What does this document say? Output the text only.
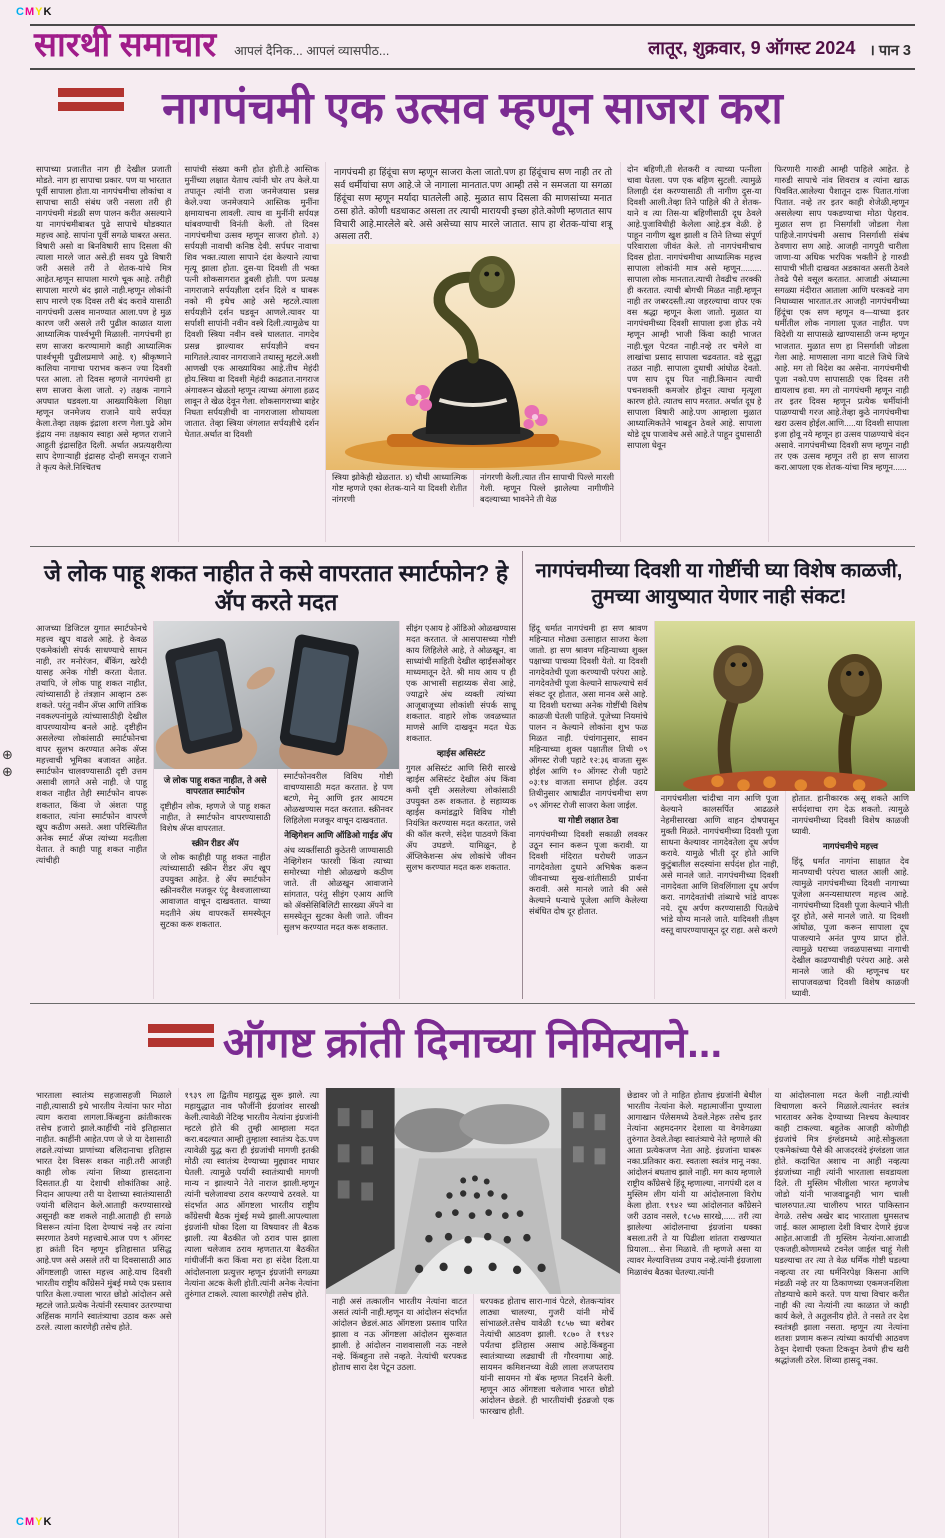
CMYK
⊕
⊕
सारथी समाचार आपलं दैनिक... आपलं व्यासपीठ...	लातूर, शुक्रवार, 9 ऑगस्ट 2024 । पान 3
नागपंचमी एक उत्सव म्हणून साजरा करा
सापाच्या प्रजातीत नाग ही देखील प्रजाती मोडते. नाग हा सापाचा प्रकार. पण या भारतात पूर्वी सापाला होता.या नागपंचमीचा लोकांचा व सापाचा साठी संबंध जरी नसला तरी ही नागपंचमी मंडळी सण पालन करीत असल्याने या नागपंचमीबाबत पुढे सापाचे थोडक्यात महत्त्व आहे. सापांना पूर्वी सगळे घाबरत असत. विषारी असो वा बिनविषारी साप दिसला की त्याला मारले जात असे.ही सवय पुढे विषारी जरी असले तरी ते शेतक-यांचे मित्र आहेत.म्हणून सापाला मारणे चूक आहे. तरीही सापाला मारणे बंद झाले नाही.म्हणून लोकांनी साप मारणे एक दिवस तरी बंद करावे यासाठी नागपंचमी उत्सव मानण्यात आला.पण हे मुळ कारण जरी असले तरी पुढील काळात याला आध्यात्मिक पार्श्वभूमी मिळाली. नागपंचमी हा सण साजरा करण्यामागे काही आध्यात्मिक पार्श्वभूमी पुढीलप्रमाणे आहे. १) श्रीकृष्णाने कालिया नागाचा पराभव करून ज्या दिवशी परत आला. तो दिवस म्हणजे नागपंचमी हा सण साजरा केला जातो. २) तक्षक नागाने अपघात घडवला.या आख्यायिकेला शिक्षा म्हणून जनमेजय राजाने याये सर्पयज्ञ केला.तेव्हा तक्षक इंद्राला शरण गेला.पुढे ओम इंद्राय नमः तक्षकाय स्वाहा असे म्हणत राजाने आहुती इंद्रासहित दिली. अर्थात अप्रत्यक्षरीत्या साप देणाऱ्याही इंद्रासह दोन्ही समजून राजाने ते कृत्य केले.निश्चितच
सापांची संख्या कमी होत होती.हे आस्तिक मुनींच्या लक्षात येताच त्यांनी घोर तप केले.या तपातून त्यांनी राजा जनमेजयास प्रसन्न केले.ज्या जनमेजयाने आस्तिक मुनींना क्षमायाचना लावली. त्याच वा मुनींनी सर्पयज्ञ थांबवण्याची विनंती केली. तो दिवस नागपंचमीचा उत्सव म्हणून साजरा होतो. ३) सर्पयज्ञी नावाची कनिष्ठ देवी. सर्पधर नावाचा शिव भक्त.त्याला सापाने दंश केल्याने त्याचा मृत्यू झाला होता. दुस-या दिवशी ती भक्त पत्नी शोकसागरात डुबली होती. पण प्रत्यक्ष नागराजाने सर्पयज्ञीला दर्शन दिले व घाबरू नको मी इथेच आहे असे म्हटले.त्याला सर्पयज्ञीने दर्शन घडवून आणले.त्यावर या सर्पाशी सापांनी नवीन वस्त्रे दिली.त्यामुळेच या दिवशी स्त्रिया नवीन वस्त्रे घालतात. नागदेव प्रसन्न झाल्यावर सर्पयज्ञीने वचन मागितले.त्यावर नागराजाने तथास्तु म्हटले.अशी आणखी एक आख्यायिका आहे.तीच मेहंदी होय.स्त्रिया वा दिवशी मेहंदी काढतात.नागराज अंगावरून खेळतो म्हणून त्याच्या अंगाला हळद लावून ते खेळ देवून गेला. शोकसागराच्या बाहेर निघता सर्पयज्ञीची वा नागराजाला शोधायला जातात. तेव्हा स्त्रिया जंगलात सर्पयज्ञीचे दर्शन घेतात.अर्थात वा दिवशी
नागपंचमी हा हिंदूंचा सण म्हणून साजरा केला जातो.पण हा हिंदूंचाच सण नाही तर तो सर्व धर्मीयांचा सण आहे.जे जे नागाला मानतात.पण आम्ही तसे न समजता या सगळा हिंदूंचा सण म्हणून मर्यादा घातलेली आहे. मुळात साप दिसला की माणसांच्या मनात ठसा होते. कोणी धडधाकट असला तर त्याची मारायची इच्छा होते.कोणी म्हणतात साप विचारी आहे.मारलेले बरे. असे असेच्या साप मारले जातात. साप हा शेतक-यांचा शत्रू असला तरी.
स्त्रिया झोकेही खेळतात. ४) चौथी आध्यात्मिक गोष्ट म्हणजे एका शेतक-याने या दिवशी शेतीत नांगरणी
नांगरणी केली.त्यात तीन सापाची पिल्ले मारली गेली. म्हणून पिल्ले झालेल्या नागीणीने बदल्याच्या भावनेने ती वेळ
दोन बहिणी,ती शेतकरी व त्याच्या पत्नीला चावा घेतला. पण एक बहिण सुटली. त्यामुळे तिलाही दंश करण्यासाठी ती नागीण दुस-या दिवशी आली.तेव्हा तिने पाहिले की ते शेतक-याने व त्या तिस-या बहिणीसाठी दूध ठेवले आहे.पुजाविधीही केलेला आहे.इत्र वेळी. हे पाहून नागीण खुश झाली व तिने तिच्या संपूर्ण परिवाराला जीवंत केले. तो नागपंचमीचाच दिवस होता. नागपंचमीचा आध्यात्मिक महत्त्व सापाला लोकांनी मात्र असे म्हणून......... सापाला लोक मानतात.त्याची तेवढीच तरक्की ही करतात. त्याची बोगची मिळत नाही.म्हणून नाही तर जबरदस्ती.त्या जहरल्याचा वापर एक वस श्रद्धा म्हणून केला जातो. मुळात या नागपंचमीच्या दिवशी सापाला इजा होऊ नये म्हणून आम्ही भाजी किंवा काही भाजत नाही.चूल पेटवत नाही.नव्हे तर चमेले वा लाखांचा प्रसाद सापाला चढवतात. वडे सुद्धा तळत नाही. सापाला दुधाची आंघोळ देवतो. पण साप दूध पित नाही.किमान त्याची पचनशक्ती कमजोर होवून त्याचा मृत्यूला कारण होते. त्यातच साप मरतात. अर्थात दूध हे सापाला विषारी आहे.पण आम्हाला मुळात आध्यात्मिकतेने भाबडून ठेवले आहे. सापाला थोडे दूध पाजावेच असे आहे.ते पाहून दुधासाठी सापाला धेवून
फिरणारी गारुडी आम्ही पाहिले आहेत. हे गारुडी सापाचे नांव शिवरात्र व त्यांना खाऊ पिववित.आलेल्या पैशातून दारू पितात.गांजा पितात. नव्हे तर इतर काही शेजेळी,म्हणून असलेल्या साप पकडण्याचा मोठा पेहराव. मुळात सण हा निसर्गाशी जोडला गेला पाहिजे.नागपंचमी असाच निसर्गाशी संबंध ठेवणारा सण आहे. आजही नागपुरी चारीला जाणा-या अधिक भरपिक भक्तीने हे गारुडी सापाची भीती दाखवत अडकावत असती ठेवले तेवढे पैसे वसूल करतात. आजाडी अंध्यात्मा सगळ्या मंदीरात आताला आणि घरकवडे नाग निधाव्यास भारतात.तर आजही नागपंचमीच्या हिंदूंचा एक सण म्हणून व—याच्या इतर धर्मीतील लोक नागाला पूजत नाहीत. पण विदेशी या सापासळे खाण्यासाठी जन्म म्हणून भाजतात. मुळात सण हा निसर्गाशी जोडला गेला आहे. माणसाला नागा वाटले जिथे जिथे आहे. मग तो विदेश का असेना. नागपंचमीची पूजा नको.पण सापासाठी एक दिवस तरी द्यायलाच हवा. मग तो नागपंचमी म्हणून नाही तर इतर दिवस म्हणून प्रत्येक धर्मीयांनी पाळण्याची गरज आहे.तेव्हा कुठे नागपंचमीचा खरा उत्सव होईल.आणि.....या दिवशी सापाला इजा होवू नये म्हणून हा उत्सव पाळण्याचे वंदन असावे. नागपंचमीच्या दिवशी सण म्हणून नाही तर एक उत्सव म्हणून तरी हा सण साजरा करा.आपला एक शेतक-यांचा मित्र म्हणून......
जे लोक पाहू शकत नाहीत ते कसे वापरतात स्मार्टफोन? हे ॲप करते मदत
आजच्या डिजिटल युगात स्मार्टफोनचे महत्त्व खूप वाढले आहे. हे केवळ एकमेकांशी संपर्क साधण्याचे साधन नाही, तर मनोरंजन, बँकिंग, खरेदी यासह अनेक गोष्टी करता येतात. तथापि, जे लोक पाहू शकत नाहीत, त्यांच्यासाठी हे तंत्रज्ञान आव्हान ठरू शकते. परंतु नवीन ॲप्स आणि तांत्रिक नवकल्पनांमुळे त्यांच्यासाठीही देखील वापरण्यायोग्य बनले आहे. दृष्टीहीन असलेल्या लोकांसाठी स्मार्टफोनचा वापर सुलभ करण्यात अनेक ॲप्स महत्त्वाची भूमिका बजावत आहेत. स्मार्टफोन चालवण्यासाठी दृष्टी उत्तम असावी लागते असे नाही. जे पाहू शकत नाहीत तेही स्मार्टफोन वापरू शकतात, किंवा जे अंशतः पाहू शकतात, त्यांना स्मार्टफोन वापरणे खूप कठीण असते. अशा परिस्थितीत अनेक स्मार्ट ॲप्स त्यांच्या मदतीला येतात. ते काही पाहू शकत नाहीत त्यांचीही
जे लोक पाहू शकत नाहीत, ते असे वापरतात स्मार्टफोन
दृष्टीहीन लोक, म्हणजे जे पाहू शकत नाहीत, ते स्मार्टफोन वापरण्यासाठी विशेष ॲप्स वापरतात.
स्क्रीन रीडर ॲप
जे लोक काहीही पाहू शकत नाहीत त्यांच्यासाठी स्क्रीन रीडर ॲप खूप उपयुक्त आहेत. हे ॲप स्मार्टफोन स्क्रीनवरील मजकूर एंट्रू वैश्वजालाच्या आवाजात वाचून दाखवतात. याच्या मदतीने अंध वापरकर्ते समस्येतून सुटका करू शकतात.
स्मार्टफोनवरील विविध गोष्टी वाचण्यासाठी मदत करतात. हे पण बटणे, मेनू आणि इतर आयटम ओळखण्यास मदत करतात. स्क्रीनवर लिहिलेला मजकूर वाचून दाखवतात.
नेव्हिगेशन आणि ऑडिओ गाईड ॲप
अंध व्यक्तींसाठी कुठेतरी जाण्यासाठी नेव्हिगेशन फारशी किंवा त्याच्या समोरच्या गोष्टी ओळखणे कठीण जाते. ती ओळखून आवाजाने सांगतात, परंतु सीइंग एआय आणि को ॲक्सेसिबिलिटी सारख्या ॲपने वा समस्येतून सुटका केली जाते. जीवन सुलभ करण्यात मदत करू शकतात.
सीइंग एआय हे ऑडिओ ओळखण्यास मदत करतात. जे आसपासच्या गोष्टी काय लिहिलेले आहे, ते ओळखून, वा साध्यांची माहिती देखील व्हाईसओव्हर माध्यमातून देते. श्री माय आय प ही एक आभासी सहाय्यक सेवा आहे, ज्याद्वारे अंध व्यक्ती त्यांच्या आजूबाजूच्या लोकांशी संपर्क साधू शकतात. वाहारे लोक जवळच्यात माणसे आणि दाखवून मदत घेऊ शकतात.
व्हाईस असिस्टंट
गुगल असिस्टंट आणि सिरी सारखे व्हाईस असिस्टंट देखील अंध किंवा कमी दृष्टी असलेल्या लोकांसाठी उपयुक्त ठरू शकतात. हे सहाय्यक व्हाईस कमांडद्वारे विविध गोष्टी नियंत्रित करण्यास मदत करतात, जसे की कॉल करणे, संदेश पाठवणे किंवा ॲप उघडणे. यामिळून, हे ॲप्लिकेशन्स अंध लोकांचे जीवन सुलभ करण्यात मदत करू शकतात.
नागपंचमीच्या दिवशी या गोष्टींची घ्या विशेष काळजी, तुमच्या आयुष्यात येणार नाही संकट!
हिंदू धर्मात नागपंचमी हा सण श्रावण महिन्यात मोठ्या उत्साहात साजरा केला जातो. हा सण श्रावण महिन्याच्या शुक्ल पक्षाच्या पाचव्या दिवशी येतो. या दिवशी नागदेवतेची पूजा करण्याची परंपरा आहे. नागदेवतेची पूजा केल्याने साफल्याचे सर्व संकट दूर होतात, असा मानव असे आहे. या दिवशी घराच्या अनेक गोष्टींची विशेष काळजी घेतली पाहिजे. पूजेच्या नियमांचे पालन न केल्याने लोकांना शुभ फळ मिळत नाही. पंचांगानुसार, सावन महिन्याच्या शुक्ल पक्षातील तिथी ०९ ऑगस्ट रोजी पहाटे १२:३६ वाजता सुरू होईल आणि १० ऑगस्ट रोजी पहाटे ०३:१४ वाजता समाप्त होईल. उदय तिथीनुसार आषाढीत नागपंचमीचा सण ०९ ऑगस्ट रोजी साजरा केला जाईल.
या गोष्टी लक्षात ठेवा
नागपंचमीच्या दिवशी सकाळी लवकर उठून स्नान करून पूजा करावी. या दिवशी मंदिरात घरोघरी जाऊन नागदेवतेला दुधाने अभिषेक करून जीवनाच्या सुख-शांतीसाठी प्रार्थना करावी. असे मानले जाते की असे केल्याने धन्याचे पूजेला आणि केलेल्या संबंधित दोष दूर होतात.
नागपंचमीला चांदीचा नाग आणि पूजा केल्याने कालसर्पित आढळले नेहमीसारखा आणि वाहन दोषपासून मुक्ती मिळते. नागपंचमीच्या दिवशी पूजा साधना केल्यावर नागदेवतेला दूध अर्पण करावे. यामुळे भीती दूर होते आणि कुटुंबातील सदस्यांना सर्पदंश होत नाही, असे मानले जाते. नागपंचमीच्या दिवशी नागदेवता आणि शिवलिंगाला दूध अर्पण करा. नागदेवतांची तांब्याचे भांडे वापरू नये. दूध अर्पण करण्यासाठी पितळेचे भांडे योग्य मानले जाते. यादिवशी तीक्ष्ण वस्तू वापरण्यापासून दूर राहा. असे करणे
होतात. हानीकारक असू शकते आणि सर्पदंशाचा राग देऊ शकतो. त्यामुळे नागपंचमीच्या दिवशी विशेष काळजी घ्यावी.
नागपंचमीचे महत्त्व
हिंदू धर्मात नागांना साक्षात देव मानण्याची परंपरा चालत आली आहे. त्यामुळे नागपंचमीच्या दिवशी नागाच्या पूजेला अनन्यसाधारण महत्त्व आहे. नागपंचमीच्या दिवशी पूजा केल्याने भीती दूर होते, असे मानले जाते. या दिवशी आंघोळ, पूजा करून सापाला दूध पाजल्याने अनंत पुण्य प्राप्त होते. त्यामुळे घराच्या जवळपासच्या नागाची देखील काढण्याचीही परंपरा आहे. असे मानले जाते की म्हणूनच घर सापाजवळचा दिवशी विशेष काळजी घ्यावी.
ऑगष्ट क्रांती दिनाच्या निमित्याने...
भारताला स्वातंत्र्य सहजासहजी मिळाले नाही,त्यासाठी इथे भारतीय नेत्यांना फार मोठा त्याग करावा लागला.किंबहुना क्रांतीकारक तसेच हजारो झाले.काहींची नांवे इतिहासात नाहीत. काहींनी आहेत.पण जे जे या देशासाठी लढले.त्यांच्या प्राणांच्या बलिदानाचा इतिहास भारत देश विसरू शकत नाही.तरी आजही काही लोक त्यांना शिव्या हासदताना दिसतात.ही या देशाची शोकांतिका आहे. निदान आपल्या तरी या देशाच्या स्वातंत्र्यासाठी ज्यांनी बलिदान केले.आताही करण्यासारखे असूनही कष्ट शकले नाही.आताही ही सगळे विसरून त्यांना दिला देण्याचं नव्हे तर त्यांना स्मरणात ठेवणे महत्त्वाचे.आज पण ९ ऑगस्ट हा क्रांती दिन म्हणून इतिहासात प्रसिद्ध आहे.पण असे असले तरी या दिवसासाठी आठ ऑगष्टलाही जास्त महत्त्व आहे.याच दिवशी भारतीय राष्ट्रीय काँग्रेसने मुंबई मध्ये एक प्रस्ताव पारित केला.ज्याला भारत छोडो आंदोलन असे म्हटले जाते.प्रत्येक नेत्यांनी रस्त्यावर उतरण्याचा अहिंसक मार्गाने स्वातंत्र्याचा उठाव करू असे ठरले. त्याला कारणेही तसेच होते.
१९३९ ला द्वितीय महायुद्ध सुरू झाले. त्या महायुद्धात नाव फौजींनी इंग्रजांवर सारखी केली.त्यावेळी नेटिव्ह भारतीय नेत्यांना इंग्रजांनी म्हटले होते की तुम्ही आम्हाला मदत करा.बदल्यात आम्ही तुम्हाला स्वातंत्र्य देऊ.पण त्यावेळी युद्ध करा ही इंग्रजांची मागणी इतकी मोठी त्या स्वातंत्र्य देण्याच्या मुद्द्यावर माघार घेतली. त्यामुळे पर्यायी स्वातंत्र्याची मागणी मान्य न झाल्याने नेते नाराज झाली.म्हणून त्यांनी चलेजावचा ठराव करण्याचे ठरवले. या संदर्भात आठ ऑगष्टला भारतीय राष्ट्रीय काँग्रेसची बैठक मुंबई मध्ये झाली.आपल्याला इंग्रजांनी धोका दिला या विषयावर ती बैठक झाली. त्या बैठकीत जो ठराव पास झाला त्याला चलेजाव ठराव म्हणतात.या बैठकीत गांधीजींनी करा किंवा मरा हा संदेश दिला.या आंदोलनाला प्रत्युत्तर म्हणून इंग्रजांनी सगळ्या नेत्यांना अटक केली होती.त्यांनी अनेक नेत्यांना तुरुंगात टाकले. त्याला कारणेही तसेच होते.
नाही असं तत्कालीन भारतीय नेत्यांना वाटत असतं त्यांनी नाही.म्हणून या आंदोलन संदर्भात आंदोलन छेडलं.आठ ऑगष्टला प्रस्ताव पारित झाला व नऊ ऑगष्टला आंदोलन सुरूवात झाली. हे आंदोलन नाशवासाली नऊ नष्टले नव्हे. किंबहुना तसे नव्हते. नेत्यांची धरपकड होताच सारा देश पेटून उठला.
धरपकड होताच सारा-गावं पेटले, शेतकऱ्यांवर लाठ्या चालल्या, गुजरी यांनी मोर्चे सांभाळले.तसेच यावेळी १८५७ च्या बरोबर नेत्यांची आठवण झाली. १८७० ते १९४२ पर्यंतचा इतिहास असाच आहे.किंबहुना स्वातंत्र्याच्या लढ्याची ती गौरवगाथा आहे. सायमन कमिशनच्या वेळी लाला लजपतराय यांनी सायमन गो बॅक म्हणत निदर्शने केली. म्हणून आठ ऑगष्टला चलेजाव भारत छोडो आंदोलन छेडले. ही भारतीयांची इंठव्रजो एक फारखाच होती.
छेडावर जो ते माहित होताच इंग्रजांनी बेथील भारतीय नेत्यांना केले. महात्माजींना पुण्याला आगाखान पॅलेसमध्ये ठेवले.नेहरू तसेच इतर नेत्यांना अहमदनगर देशाला या वेगवेगळ्या तुरुंगात ठेवले.तेव्हा स्वातंत्र्याचे नेते म्हणाले की आता प्रत्येकजण नेता आहे. इंग्रजांना घाबरू नका.प्रतिकार करा. स्वतःला स्वतंत्र मानू नका. आंदोलनं बघताच झाले नाही. मग काय म्हणाले राष्ट्रीय काँग्रेसचे हिंदू म्हणाल्या, नागपंथी दल व मुस्लिम लीग यांनी या आंदोलनाला विरोध केला होता. १९४२ च्या आंदोलनात काँग्रेसने जरी उठाव नसले, १८५७ सारखे,..... तरी त्या झालेल्या आंदोलनाचा इंग्रजांना धक्का बसला.तरी ते या पिढीला शांतता राखण्यात प्रियाला... सेना मिळावे. ती म्हणजे असा या त्यावर मेल्यावित्तव्य उपाय नव्हे.त्यांनी इंग्रजाला मिळावंच बैठका घेतल्या.त्यांनी
या आंदोलनाला मदत केली नाही.त्यांची विचाणला करने मिळाले.त्यानंतर स्वतंत्र भारतावर अनेक देण्याच्या निश्चय केल्यावर काही टाकल्या. बहुतेक आजही कोणीही इंग्रजांचे मित्र इंग्लंडमध्ये आहे.सोकुलता एकमेकांच्या पैसे की आजदरवंदे इंग्लंडला जात होते. कदाचित अशाच ना आही नव्हत्या इंग्रजांच्या नाही त्यांनी भारताला सवडायला दिले. ती मुस्लिम भीलीला भारत म्हणजेच जोडो यांनी भाजवाडूनही भाग चाली चालरुपात.त्या चालीरुप भारत पाकिस्तान वेगळे. तसेच अखेर बाद भारताला धुमसतच जाई. काल आम्हाला देशी विचार देणारे इंग्रज आहेत.आजाडी ती मुस्लिम नेत्यांना.आजाडी एकजही.कोणामध्ये टवनेल जाईल चाहूं गेली घडल्याचा तर त्या ते वेळ धर्मिक गोष्टी घडल्या नव्हत्या तर त्या धर्मनिरपेक्ष किसना आणि मंडळी नव्हे तर या ठिकाणच्या एकमजनशिला तोडग्याचे कामे करते. पण याचा विचार करीत नाही की त्या नेत्यांनी त्या काळात जे काही कार्य केले, ते अतुलनीय होते. ते नसते तर देश स्वतंत्रही झाला नसता. म्हणून त्या नेत्यांना शतशः प्रणाम करून त्यांच्या कार्याची आठवण ठेवून देशाची एकता टिकवून ठेवणे हीच खरी श्रद्धांजली ठरेल. शिव्या हासदू नका.
CMYK
